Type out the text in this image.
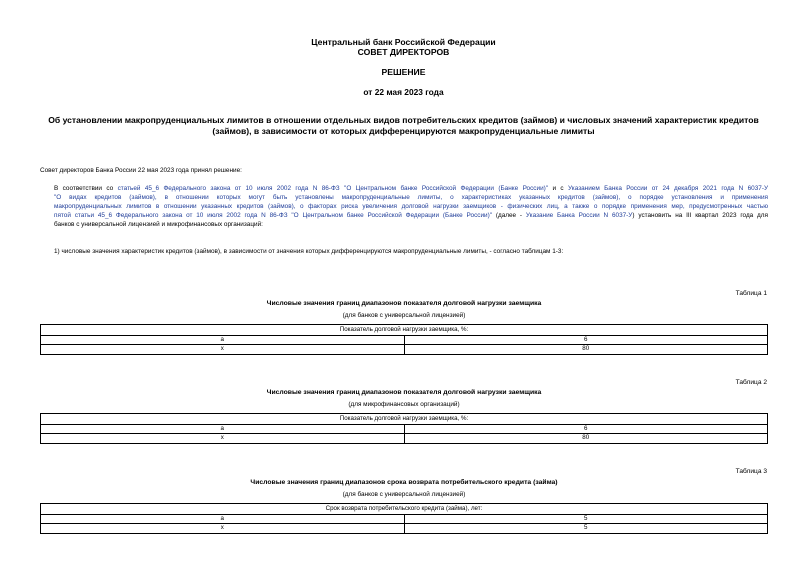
Центральный банк Российской Федерации
СОВЕТ ДИРЕКТОРОВ
РЕШЕНИЕ
от 22 мая 2023 года
Об установлении макропруденциальных лимитов в отношении отдельных видов потребительских кредитов (займов) и числовых значений характеристик кредитов (займов), в зависимости от которых дифференцируются макропруденциальные лимиты
Совет директоров Банка России 22 мая 2023 года принял решение:
В соответствии со статьей 45_6 Федерального закона от 10 июля 2002 года N 86-ФЗ "О Центральном банке Российской Федерации (Банке России)" и с Указанием Банка России от 24 декабря 2021 года N 6037-У
"О видах кредитов (займов), в отношении которых могут быть установлены макропруденциальные лимиты, о характеристиках указанных кредитов (займов), о порядке установления и применения
макропруденциальных лимитов в отношении указанных кредитов (займов), о факторах риска увеличения долговой нагрузки заемщиков - физических лиц, а также о порядке применения мер, предусмотренных частью
пятой статьи 45_6 Федерального закона от 10 июля 2002 года N 86-ФЗ "О Центральном банке Российской Федерации (Банке России)" (далее - Указание Банка России N 6037-У) установить на III квартал 2023 года для
банков с универсальной лицензией и микрофинансовых организаций:
1) числовые значения характеристик кредитов (займов), в зависимости от значения которых дифференцируются макропруденциальные лимиты, - согласно таблицам 1-3:
Таблица 1
Числовые значения границ диапазонов показателя долговой нагрузки заемщика
(для банков с универсальной лицензией)
Показатель долговой нагрузки заемщика, %:	
a	6
x	80
Таблица 2
Числовые значения границ диапазонов показателя долговой нагрузки заемщика
(для микрофинансовых организаций)
Показатель долговой нагрузки заемщика, %:	
a	6
x	80
Таблица 3
Числовые значения границ диапазонов срока возврата потребительского кредита (займа)
(для банков с универсальной лицензией)
Срок возврата потребительского кредита (займа), лет:	
a	5
x	5
